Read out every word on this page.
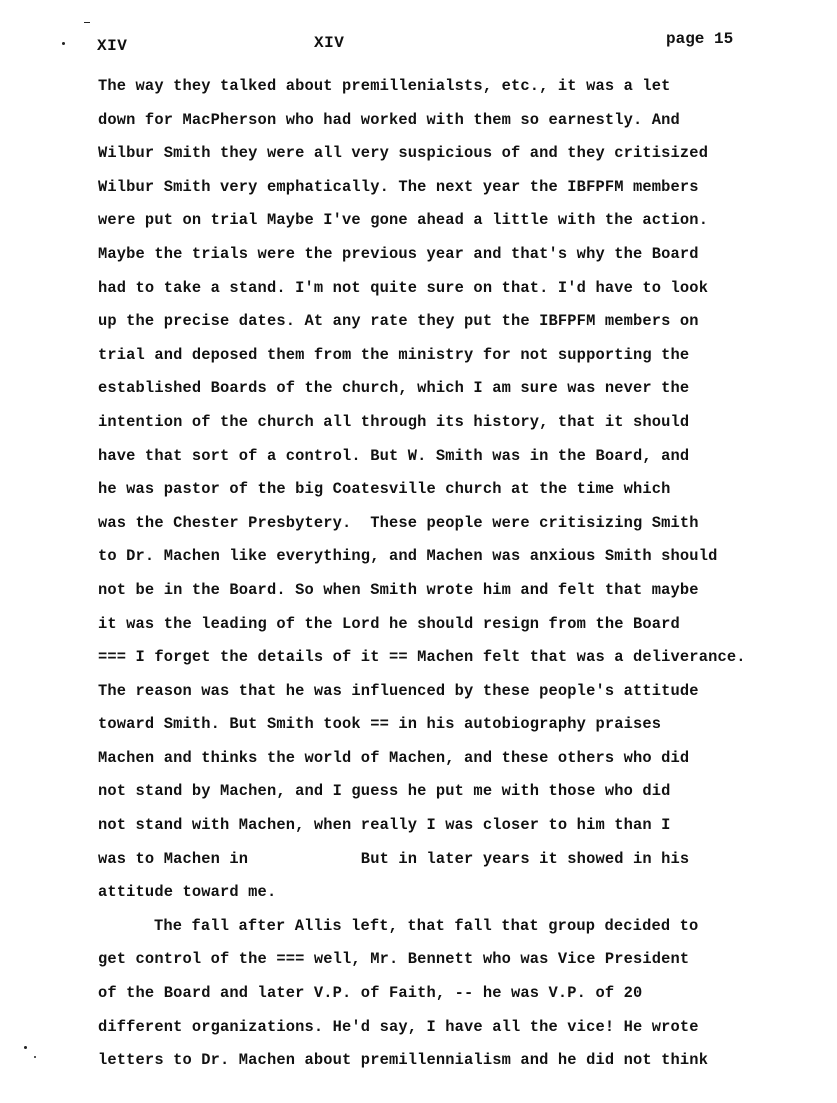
XIV	XIV	page 15
The way they talked about premillenialsts, etc., it was a let
down for MacPherson who had worked with them so earnestly. And
Wilbur Smith they were all very suspicious of and they critisized
Wilbur Smith very emphatically. The next year the IBFPFM members
were put on trial Maybe I've gone ahead a little with the action.
Maybe the trials were the previous year and that's why the Board
had to take a stand. I'm not quite sure on that. I'd have to look
up the precise dates. At any rate they put the IBFPFM members on
trial and deposed them from the ministry for not supporting the
established Boards of the church, which I am sure was never the
intention of the church all through its history, that it should
have that sort of a control. But W. Smith was in the Board, and
he was pastor of the big Coatesville church at the time which
was the Chester Presbytery.  These people were critisizing Smith
to Dr. Machen like everything, and Machen was anxious Smith should
not be in the Board. So when Smith wrote him and felt that maybe
it was the leading of the Lord he should resign from the Board
=== I forget the details of it == Machen felt that was a deliverance.
The reason was that he was influenced by these people's attitude
toward Smith. But Smith took == in his autobiography praises
Machen and thinks the world of Machen, and these others who did
not stand by Machen, and I guess he put me with those who did
not stand with Machen, when really I was closer to him than I
was to Machen in            But in later years it showed in his
attitude toward me.
The fall after Allis left, that fall that group decided to
get control of the === well, Mr. Bennett who was Vice President
of the Board and later V.P. of Faith, -- he was V.P. of 20
different organizations. He'd say, I have all the vice! He wrote
letters to Dr. Machen about premillennialism and he did not think
